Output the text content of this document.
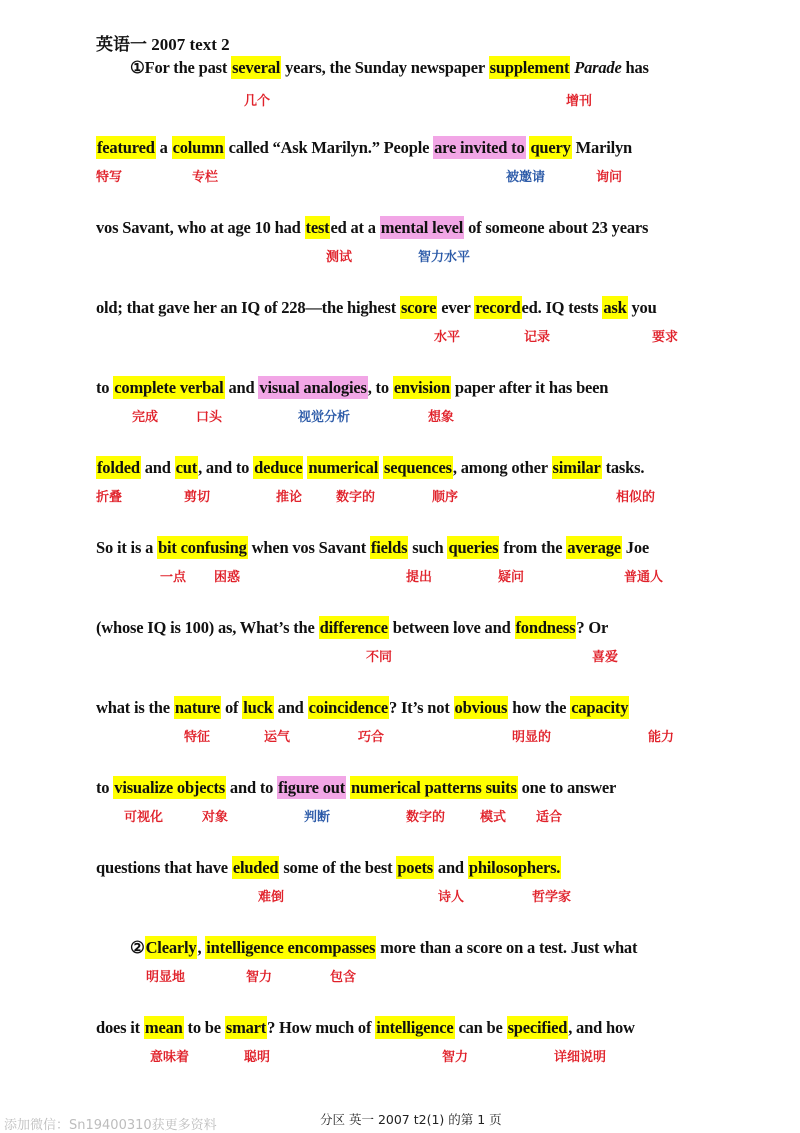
英语一 2007 text 2
①For the past several years, the Sunday newspaper supplement Parade has
featured a column called “Ask Marilyn.” People are invited to query Marilyn
vos Savant, who at age 10 had tested at a mental level of someone about 23 years
old; that gave her an IQ of 228—the highest score ever recorded. IQ tests ask you
to complete verbal and visual analogies, to envision paper after it has been
folded and cut, and to deduce numerical sequences, among other similar tasks.
So it is a bit confusing when vos Savant fields such queries from the average Joe
(whose IQ is 100) as, What’s the difference between love and fondness? Or
what is the nature of luck and coincidence? It’s not obvious how the capacity
to visualize objects and to figure out numerical patterns suits one to answer
questions that have eluded some of the best poets and philosophers.
②Clearly, intelligence encompasses more than a score on a test. Just what
does it mean to be smart? How much of intelligence can be specified, and how
几个	增刊
特写	专栏	被邀请	询问
测试	智力水平
水平	记录	要求
完成	口头	视觉分析	想象
折叠	剪切	推论	数字的	顺序	相似的
一点 困惑	提出	疑问	普通人
不同	喜爱
特征	运气	巧合	明显的	能力
可视化	对象	判断	数字的	模式 适合
难倒	诗人	哲学家
明显地	智力	包含
意味着	聪明	智力	详细说明
分区 英一 2007 t2(1) 的第 1 页
添加微信：Sn19400310获更多资料
